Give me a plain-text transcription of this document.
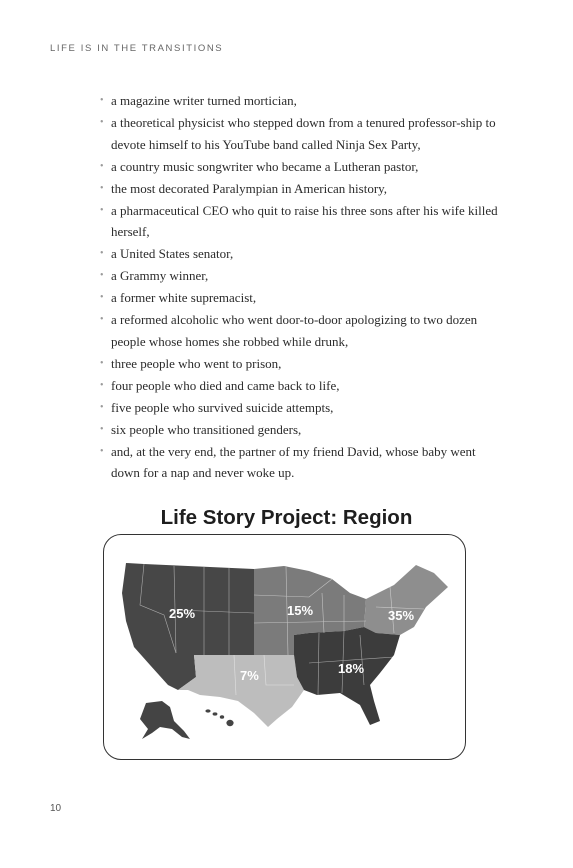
LIFE IS IN THE TRANSITIONS
• a magazine writer turned mortician,
• a theoretical physicist who stepped down from a tenured professor-ship to devote himself to his YouTube band called Ninja Sex Party,
• a country music songwriter who became a Lutheran pastor,
• the most decorated Paralympian in American history,
• a pharmaceutical CEO who quit to raise his three sons after his wife killed herself,
• a United States senator,
• a Grammy winner,
• a former white supremacist,
• a reformed alcoholic who went door-to-door apologizing to two dozen people whose homes she robbed while drunk,
• three people who went to prison,
• four people who died and came back to life,
• five people who survived suicide attempts,
• six people who transitioned genders,
• and, at the very end, the partner of my friend David, whose baby went down for a nap and never woke up.
Life Story Project: Region
25%	15%	35%
7%	18%
10
